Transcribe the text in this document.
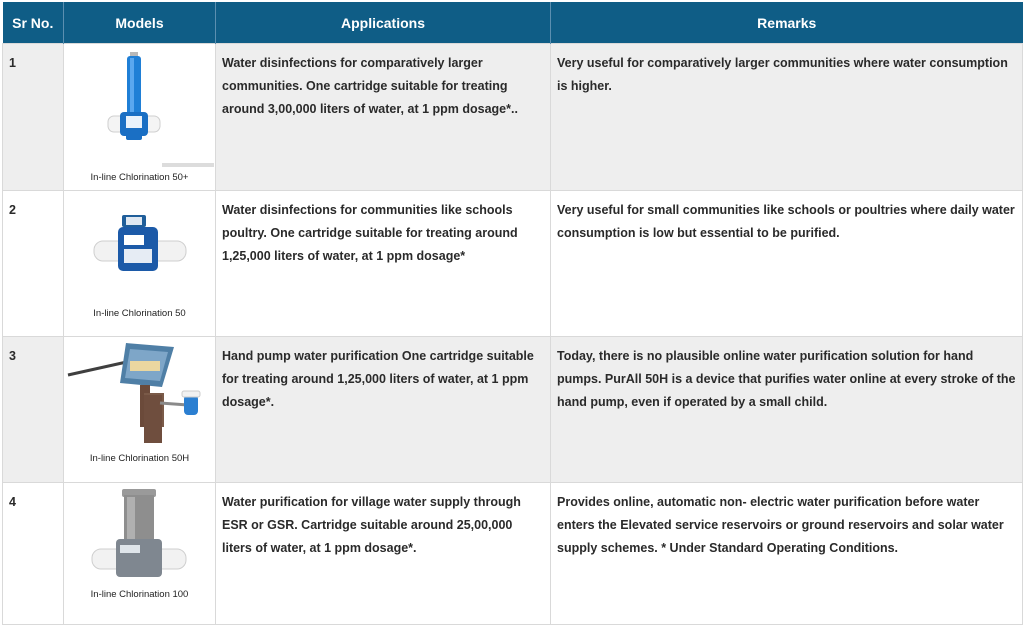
Sr No.	Models	Applications	Remarks
1	In-line Chlorination 50+	Water disinfections for comparatively larger communities. One cartridge suitable for treating around 3,00,000 liters of water, at 1 ppm dosage*..	Very useful for comparatively larger communities where water consumption is higher.
2	In-line Chlorination 50	Water disinfections for communities like schools poultry. One cartridge suitable for treating around 1,25,000 liters of water, at 1 ppm dosage*	Very useful for small communities like schools or poultries where daily water consumption is low but essential to be purified.
3	In-line Chlorination 50H	Hand pump water purification One cartridge suitable for treating around 1,25,000 liters of water, at 1 ppm dosage*.	Today, there is no plausible online water purification solution for hand pumps. PurAll 50H is a device that purifies water online at every stroke of the hand pump, even if operated by a small child.
4	In-line Chlorination 100	Water purification for village water supply through ESR or GSR. Cartridge suitable around 25,00,000 liters of water, at 1 ppm dosage*.	Provides online, automatic non- electric water purification before water enters the Elevated service reservoirs or ground reservoirs and solar water supply schemes. * Under Standard Operating Conditions.
